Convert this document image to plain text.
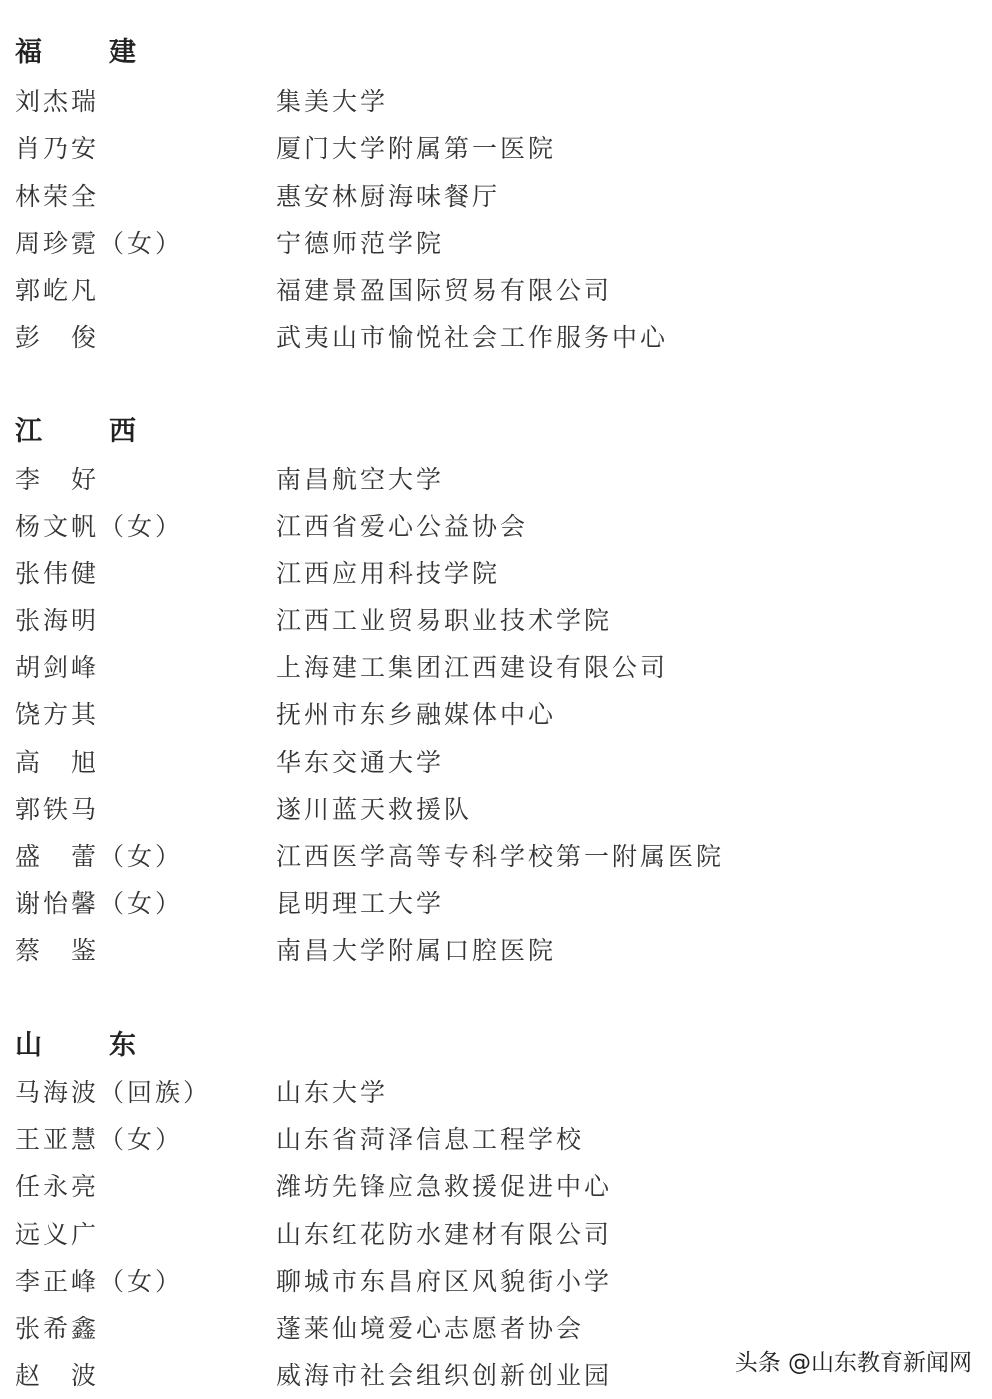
福　建
刘杰瑞	集美大学
肖乃安	厦门大学附属第一医院
林荣全	惠安林厨海味餐厅
周珍霓（女）	宁德师范学院
郭屹凡	福建景盈国际贸易有限公司
彭　俊	武夷山市愉悦社会工作服务中心
江　西
李　好	南昌航空大学
杨文帆（女）	江西省爱心公益协会
张伟健	江西应用科技学院
张海明	江西工业贸易职业技术学院
胡剑峰	上海建工集团江西建设有限公司
饶方其	抚州市东乡融媒体中心
高　旭	华东交通大学
郭铁马	遂川蓝天救援队
盛　蕾（女）	江西医学高等专科学校第一附属医院
谢怡馨（女）	昆明理工大学
蔡　鉴	南昌大学附属口腔医院
山　东
马海波（回族）	山东大学
王亚慧（女）	山东省菏泽信息工程学校
任永亮	潍坊先锋应急救援促进中心
远义广	山东红花防水建材有限公司
李正峰（女）	聊城市东昌府区风貌街小学
张希鑫	蓬莱仙境爱心志愿者协会
赵　波	威海市社会组织创新创业园	头条 @山东教育新闻网
